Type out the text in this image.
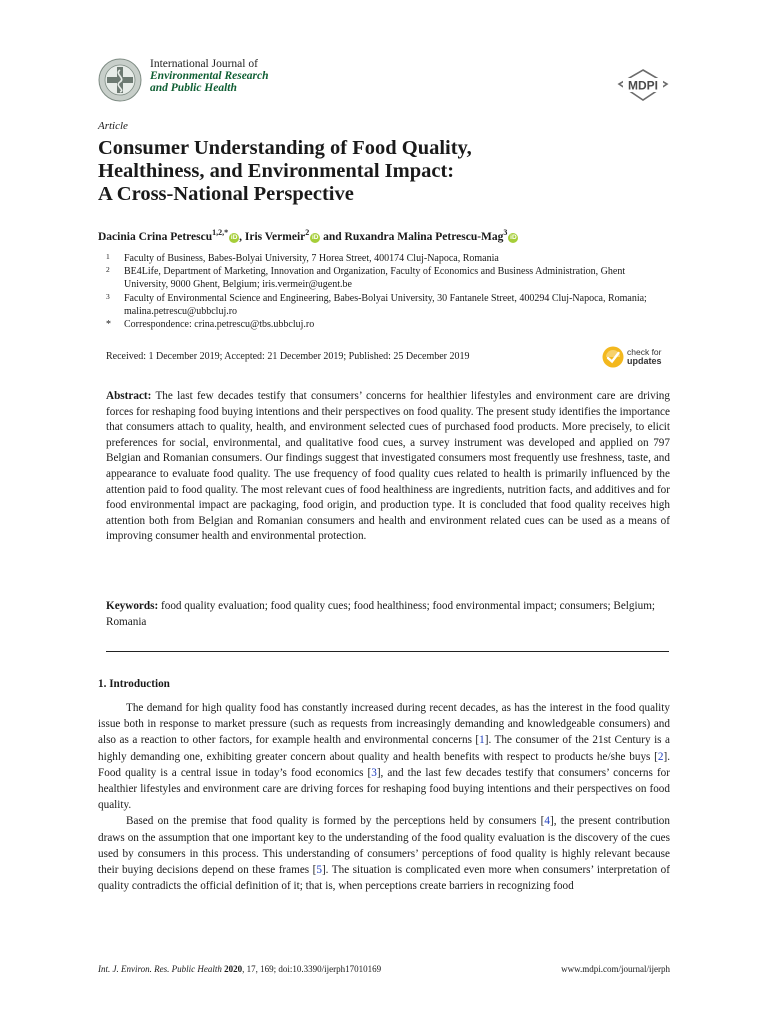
International Journal of
Environmental Research
and Public Health	MDPI
Article
Consumer Understanding of Food Quality,
Healthiness, and Environmental Impact:
A Cross-National Perspective
Dacinia Crina Petrescu$^{1,2,*}$iD , Iris Vermeir$^2$iD and Ruxandra Malina Petrescu-Mag$^3$iD
1 Faculty of Business, Babes-Bolyai University, 7 Horea Street, 400174 Cluj-Napoca, Romania
2 BE4Life, Department of Marketing, Innovation and Organization, Faculty of Economics and Business Administration, Ghent University, 9000 Ghent, Belgium; iris.vermeir@ugent.be
3 Faculty of Environmental Science and Engineering, Babes-Bolyai University, 30 Fantanele Street, 400294 Cluj-Napoca, Romania; malina.petrescu@ubbcluj.ro
* Correspondence: crina.petrescu@tbs.ubbcluj.ro
Received: 1 December 2019; Accepted: 21 December 2019; Published: 25 December 2019	check for
updates

Abstract: The last few decades testify that consumers’ concerns for healthier lifestyles and environment care are driving forces for reshaping food buying intentions and their perspectives on food quality. The present study identifies the importance that consumers attach to quality, health, and environment selected cues of purchased food products. More precisely, to elicit preferences for social, environmental, and qualitative food cues, a survey instrument was developed and applied on 797 Belgian and Romanian consumers. Our findings suggest that investigated consumers most frequently use freshness, taste, and appearance to evaluate food quality. The use frequency of food quality cues related to health is primarily influenced by the attention paid to food quality. The most relevant cues of food healthiness are ingredients, nutrition facts, and additives and for food environmental impact are packaging, food origin, and production type. It is concluded that food quality receives high attention both from Belgian and Romanian consumers and health and environment related cues can be used as a means of improving consumer health and environmental protection.

Keywords: food quality evaluation; food quality cues; food healthiness; food environmental impact; consumers; Belgium; Romania

1. Introduction

The demand for high quality food has constantly increased during recent decades, as has the interest in the food quality issue both in response to market pressure (such as requests from increasingly demanding and knowledgeable consumers) and also as a reaction to other factors, for example health and environmental concerns [1]. The consumer of the 21st Century is a highly demanding one, exhibiting greater concern about quality and health benefits with respect to products he/she buys [2]. Food quality is a central issue in today’s food economics [3], and the last few decades testify that consumers’ concerns for healthier lifestyles and environment care are driving forces for reshaping food buying intentions and their perspectives on food quality.

Based on the premise that food quality is formed by the perceptions held by consumers [4], the present contribution draws on the assumption that one important key to the understanding of the food quality evaluation is the discovery of the cues used by consumers in this process. This understanding of consumers’ perceptions of food quality is highly relevant because their buying decisions depend on these frames [5]. The situation is complicated even more when consumers’ interpretation of quality contradicts the official definition of it; that is, when perceptions create barriers in recognizing food

Int. J. Environ. Res. Public Health 2020, 17, 169; doi:10.3390/ijerph17010169	www.mdpi.com/journal/ijerph
